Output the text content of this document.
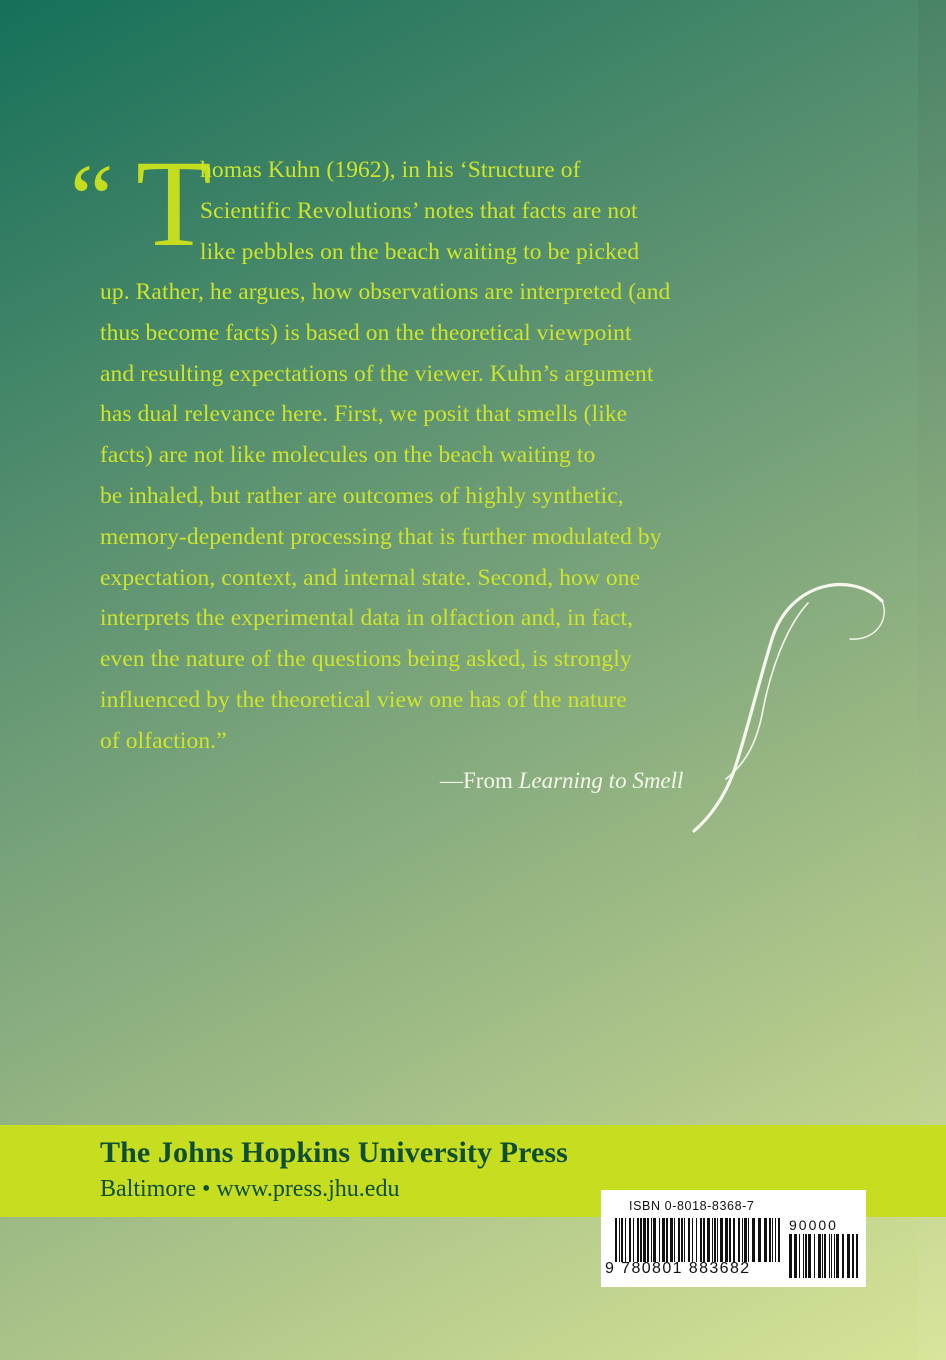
“ T
homas Kuhn (1962), in his ‘Structure of
Scientific Revolutions’ notes that facts are not
like pebbles on the beach waiting to be picked
up. Rather, he argues, how observations are interpreted (and
thus become facts) is based on the theoretical viewpoint
and resulting expectations of the viewer. Kuhn’s argument
has dual relevance here. First, we posit that smells (like
facts) are not like molecules on the beach waiting to
be inhaled, but rather are outcomes of highly synthetic,
memory-dependent processing that is further modulated by
expectation, context, and internal state. Second, how one
interprets the experimental data in olfaction and, in fact,
even the nature of the questions being asked, is strongly
influenced by the theoretical view one has of the nature
of olfaction.”
—From Learning to Smell
The Johns Hopkins University Press
Baltimore • www.press.jhu.edu
ISBN 0-8018-8368-7
90000
9 780801 883682
